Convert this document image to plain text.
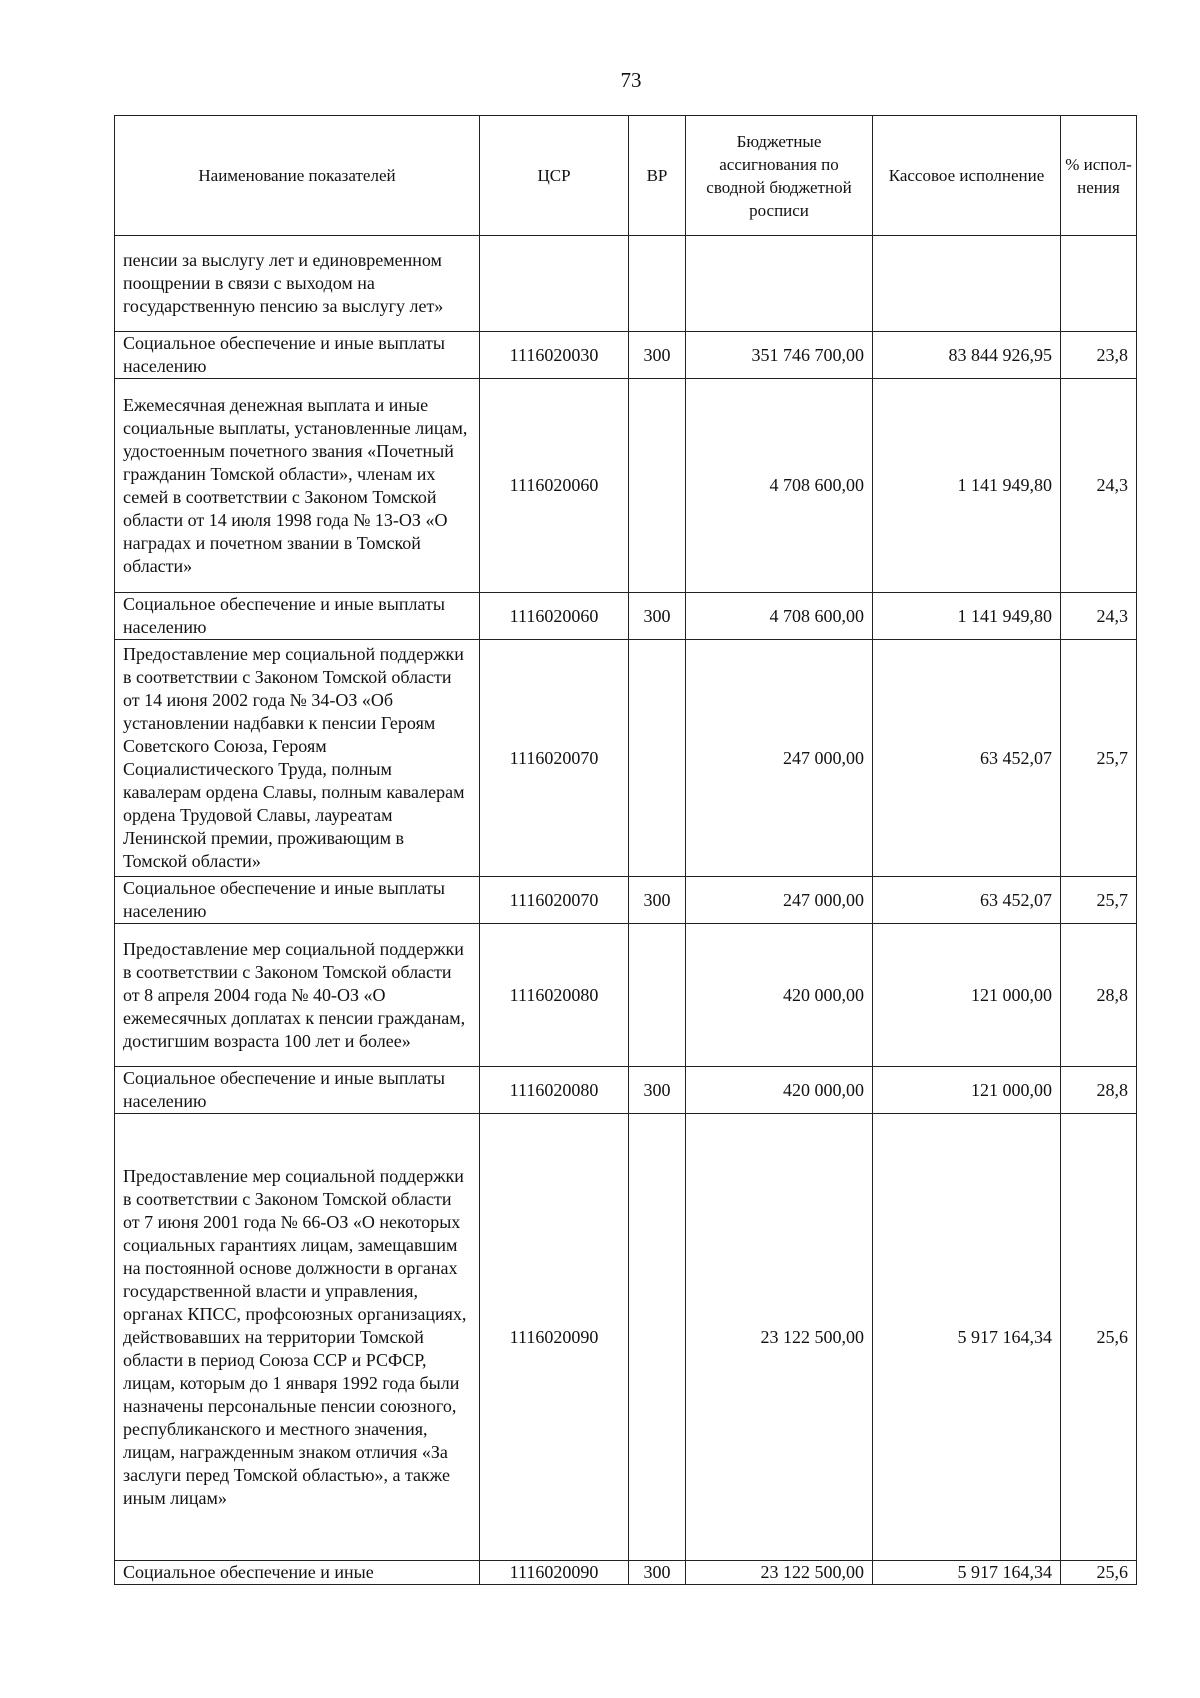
73
Наименование показателей	ЦСР	ВР	Бюджетные ассигнования по сводной бюджетной росписи	Кассовое исполнение	% испол-нения
пенсии за выслугу лет и единовременном поощрении в связи с выходом на государственную пенсию за выслугу лет»					
Социальное обеспечение и иные выплаты населению	1116020030	300	351 746 700,00	83 844 926,95	23,8
Ежемесячная денежная выплата и иные социальные выплаты, установленные лицам, удостоенным почетного звания «Почетный гражданин Томской области», членам их семей в соответствии с Законом Томской области от 14 июля 1998 года № 13-ОЗ «О наградах и почетном звании в Томской области»	1116020060		4 708 600,00	1 141 949,80	24,3
Социальное обеспечение и иные выплаты населению	1116020060	300	4 708 600,00	1 141 949,80	24,3
Предоставление мер социальной поддержки в соответствии с Законом Томской области от 14 июня 2002 года № 34-ОЗ «Об установлении надбавки к пенсии Героям Советского Союза, Героям Социалистического Труда, полным кавалерам ордена Славы, полным кавалерам ордена Трудовой Славы, лауреатам Ленинской премии, проживающим в Томской области»	1116020070		247 000,00	63 452,07	25,7
Социальное обеспечение и иные выплаты населению	1116020070	300	247 000,00	63 452,07	25,7
Предоставление мер социальной поддержки в соответствии с Законом Томской области от 8 апреля 2004 года № 40-ОЗ «О ежемесячных доплатах к пенсии гражданам, достигшим возраста 100 лет и более»	1116020080		420 000,00	121 000,00	28,8
Социальное обеспечение и иные выплаты населению	1116020080	300	420 000,00	121 000,00	28,8
Предоставление мер социальной поддержки в соответствии с Законом Томской области от 7 июня 2001 года № 66-ОЗ «О некоторых социальных гарантиях лицам, замещавшим на постоянной основе должности в органах государственной власти и управления, органах КПСС, профсоюзных организациях, действовавших на территории Томской области в период Союза ССР и РСФСР, лицам, которым до 1 января 1992 года были назначены персональные пенсии союзного, республиканского и местного значения, лицам, награжденным знаком отличия «За заслуги перед Томской областью», а также иным лицам»	1116020090		23 122 500,00	5 917 164,34	25,6
Социальное обеспечение и иные	1116020090	300	23 122 500,00	5 917 164,34	25,6
